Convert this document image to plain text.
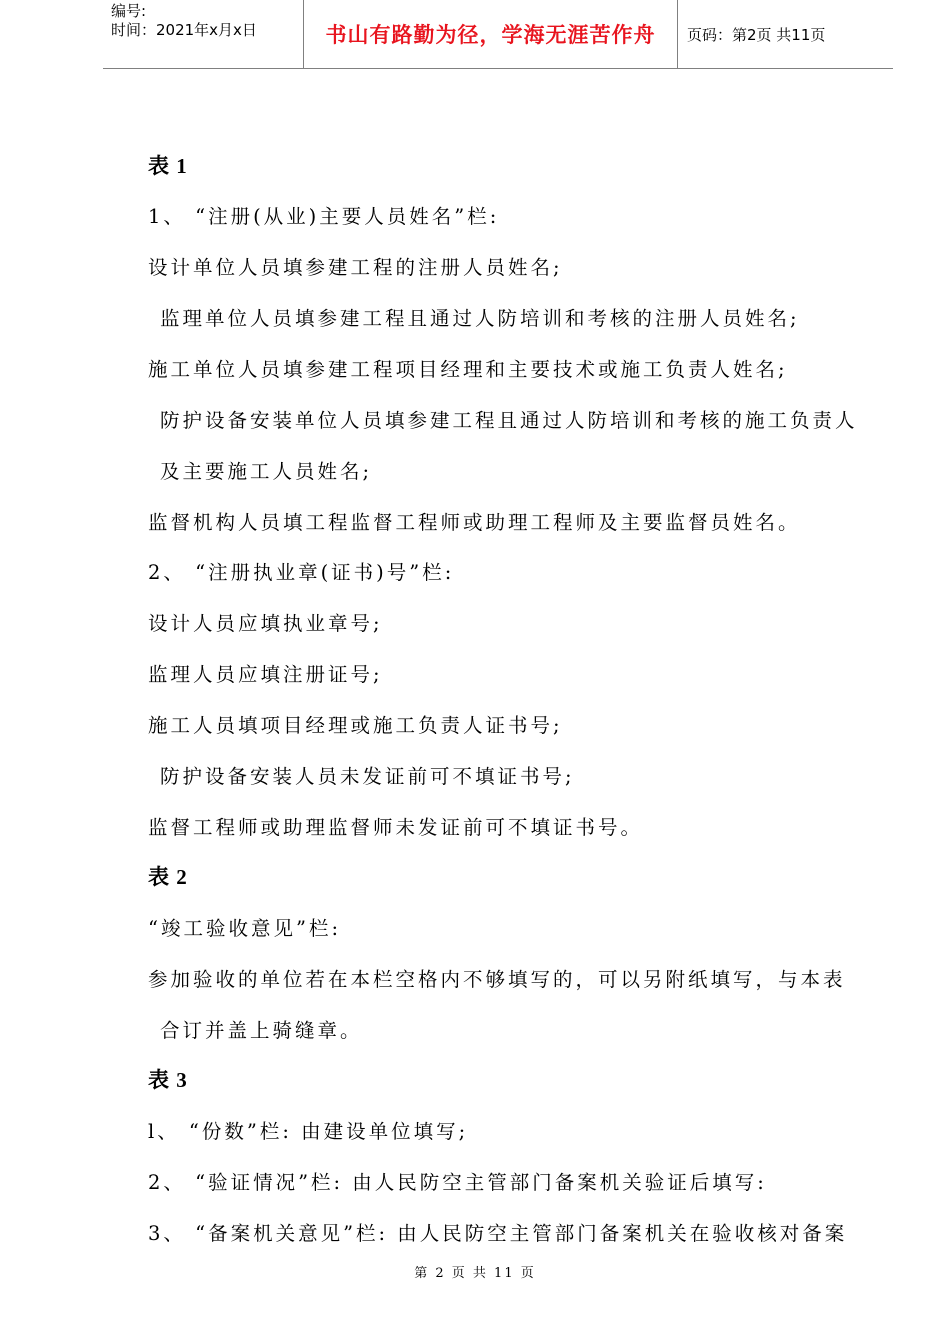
编号:
时间：2021年x月x日	书山有路勤为径，学海无涯苦作舟 页码：第2页 共11页
表 1
1、 “注册(从业)主要人员姓名”栏:
设计单位人员填参建工程的注册人员姓名;
监理单位人员填参建工程且通过人防培训和考核的注册人员姓名;
施工单位人员填参建工程项目经理和主要技术或施工负责人姓名;
防护设备安装单位人员填参建工程且通过人防培训和考核的施工负责人
及主要施工人员姓名;
监督机构人员填工程监督工程师或助理工程师及主要监督员姓名。
2、 “注册执业章(证书)号”栏:
设计人员应填执业章号;
监理人员应填注册证号;
施工人员填项目经理或施工负责人证书号;
防护设备安装人员未发证前可不填证书号;
监督工程师或助理监督师未发证前可不填证书号。
表 2
“竣工验收意见”栏:
参加验收的单位若在本栏空格内不够填写的，可以另附纸填写，与本表
合订并盖上骑缝章。
表 3
l、 “份数”栏: 由建设单位填写;
2、 “验证情况”栏: 由人民防空主管部门备案机关验证后填写:
3、 “备案机关意见”栏: 由人民防空主管部门备案机关在验收核对备案
第 2 页 共 11 页
